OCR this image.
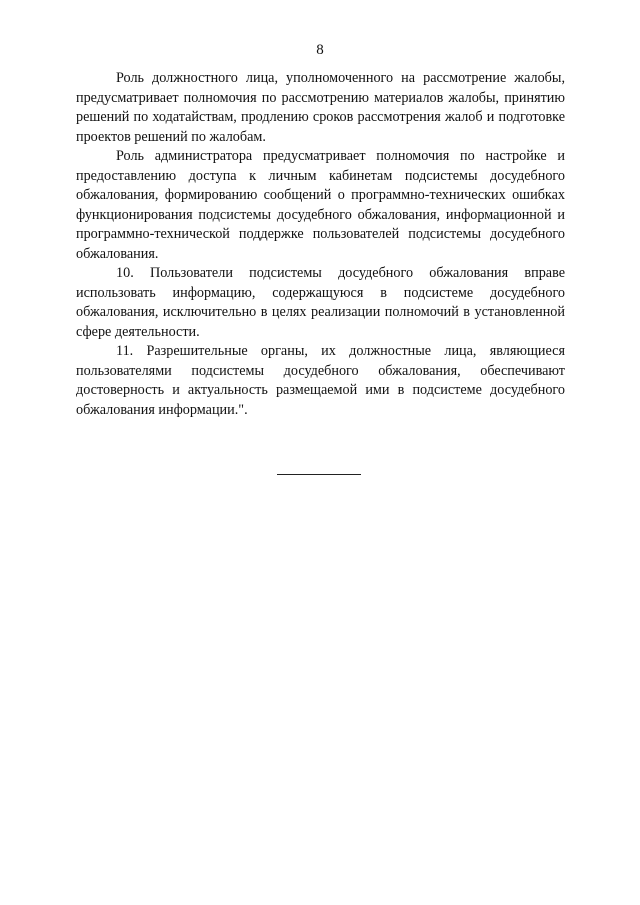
8

Роль должностного лица, уполномоченного на рассмотрение жалобы, предусматривает полномочия по рассмотрению материалов жалобы, принятию решений по ходатайствам, продлению сроков рассмотрения жалоб и подготовке проектов решений по жалобам.

Роль администратора предусматривает полномочия по настройке и предоставлению доступа к личным кабинетам подсистемы досудебного обжалования, формированию сообщений о программно-технических ошибках функционирования подсистемы досудебного обжалования, информационной и программно-технической поддержке пользователей подсистемы досудебного обжалования.

10. Пользователи подсистемы досудебного обжалования вправе использовать информацию, содержащуюся в подсистеме досудебного обжалования, исключительно в целях реализации полномочий в установленной сфере деятельности.

11. Разрешительные органы, их должностные лица, являющиеся пользователями подсистемы досудебного обжалования, обеспечивают достоверность и актуальность размещаемой ими в подсистеме досудебного обжалования информации.".
